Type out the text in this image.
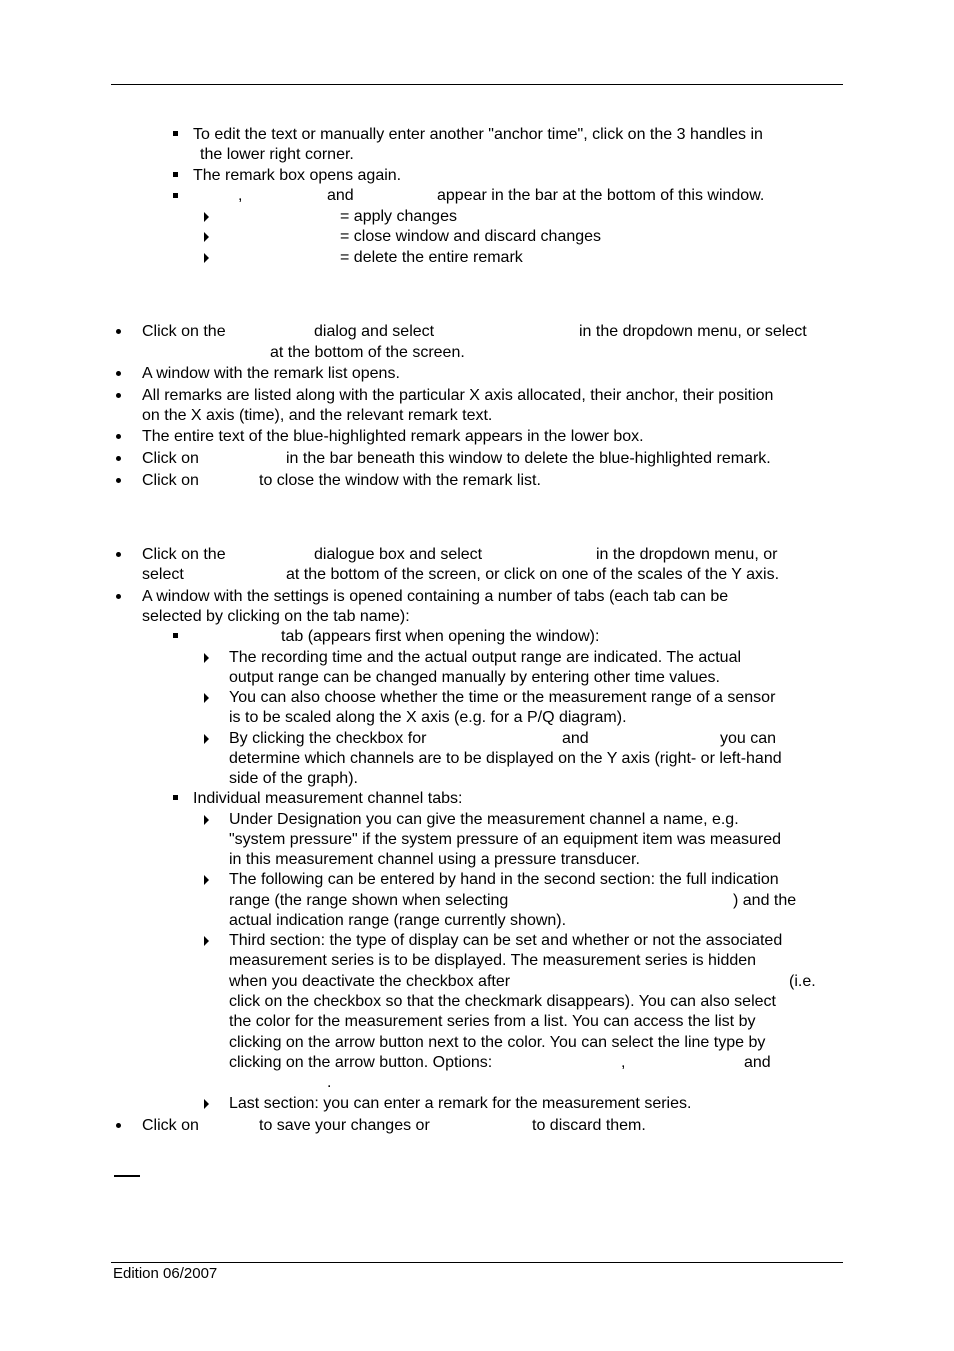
To edit the text or manually enter another "anchor time", click on the 3 handles in
the lower right corner.
The remark box opens again.
,	and	appear in the bar at the bottom of this window.
= apply changes
= close window and discard changes
= delete the entire remark
Click on the	dialog and select	in the dropdown menu, or select
at the bottom of the screen.
A window with the remark list opens.
All remarks are listed along with the particular X axis allocated, their anchor, their position
on the X axis (time), and the relevant remark text.
The entire text of the blue-highlighted remark appears in the lower box.
Click on	in the bar beneath this window to delete the blue-highlighted remark.
Click on	to close the window with the remark list.
Click on the	dialogue box and select	in the dropdown menu, or
select	at the bottom of the screen, or click on one of the scales of the Y axis.
A window with the settings is opened containing a number of tabs (each tab can be
selected by clicking on the tab name):
tab (appears first when opening the window):
The recording time and the actual output range are indicated. The actual
output range can be changed manually by entering other time values.
You can also choose whether the time or the measurement range of a sensor
is to be scaled along the X axis (e.g. for a P/Q diagram).
By clicking the checkbox for	and	you can
determine which channels are to be displayed on the Y axis (right- or left-hand
side of the graph).
Individual measurement channel tabs:
Under Designation you can give the measurement channel a name, e.g.
"system pressure" if the system pressure of an equipment item was measured
in this measurement channel using a pressure transducer.
The following can be entered by hand in the second section: the full indication
range (the range shown when selecting	) and the
actual indication range (range currently shown).
Third section: the type of display can be set and whether or not the associated
measurement series is to be displayed. The measurement series is hidden
when you deactivate the checkbox after	(i.e.
click on the checkbox so that the checkmark disappears). You can also select
the color for the measurement series from a list. You can access the list by
clicking on the arrow button next to the color. You can select the line type by
clicking on the arrow button. Options:	,	and
.
Last section: you can enter a remark for the measurement series.
Click on	to save your changes or	to discard them.
Edition 06/2007
